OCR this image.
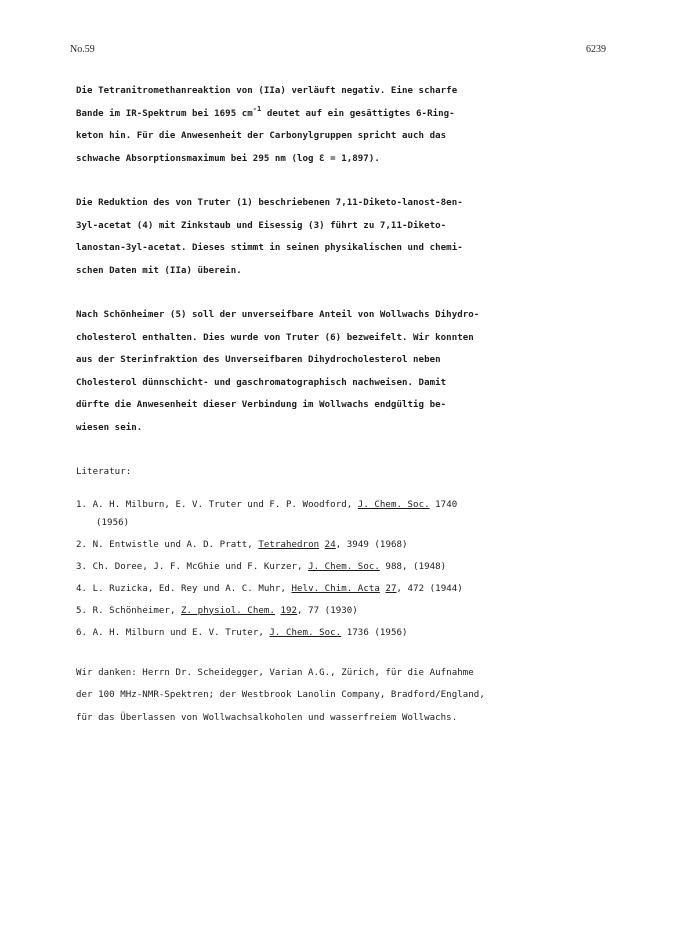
No.59	6239

Die Tetranitromethanreaktion von (IIa) verläuft negativ. Eine scharfe
Bande im IR-Spektrum bei 1695 $cm^{-1}$ deutet auf ein gesättigtes 6-Ring-
keton hin. Für die Anwesenheit der Carbonylgruppen spricht auch das
schwache Absorptionsmaximum bei 295 nm (log Ɛ = 1,897).

Die Reduktion des von Truter (1) beschriebenen 7,11-Diketo-lanost-8en-
3yl-acetat (4) mit Zinkstaub und Eisessig (3) führt zu 7,11-Diketo-
lanostan-3yl-acetat. Dieses stimmt in seinen physikalischen und chemi-
schen Daten mit (IIa) überein.

Nach Schönheimer (5) soll der unverseifbare Anteil von Wollwachs Dihydro-
cholesterol enthalten. Dies wurde von Truter (6) bezweifelt. Wir konnten
aus der Sterinfraktion des Unverseifbaren Dihydrocholesterol neben
Cholesterol dünnschicht- und gaschromatographisch nachweisen. Damit
dürfte die Anwesenheit dieser Verbindung im Wollwachs endgültig be-
wiesen sein.

Literatur:

1. A. H. Milburn, E. V. Truter und F. P. Woodford, J. Chem. Soc. 1740
(1956)
2. N. Entwistle und A. D. Pratt, Tetrahedron 24, 3949 (1968)
3. Ch. Doree, J. F. McGhie und F. Kurzer, J. Chem. Soc. 988, (1948)
4. L. Ruzicka, Ed. Rey und A. C. Muhr, Helv. Chim. Acta 27, 472 (1944)
5. R. Schönheimer, Z. physiol. Chem. 192, 77 (1930)
6. A. H. Milburn und E. V. Truter, J. Chem. Soc. 1736 (1956)

Wir danken: Herrn Dr. Scheidegger, Varian A.G., Zürich, für die Aufnahme
der 100 MHz-NMR-Spektren; der Westbrook Lanolin Company, Bradford/England,
für das Überlassen von Wollwachsalkoholen und wasserfreiem Wollwachs.
